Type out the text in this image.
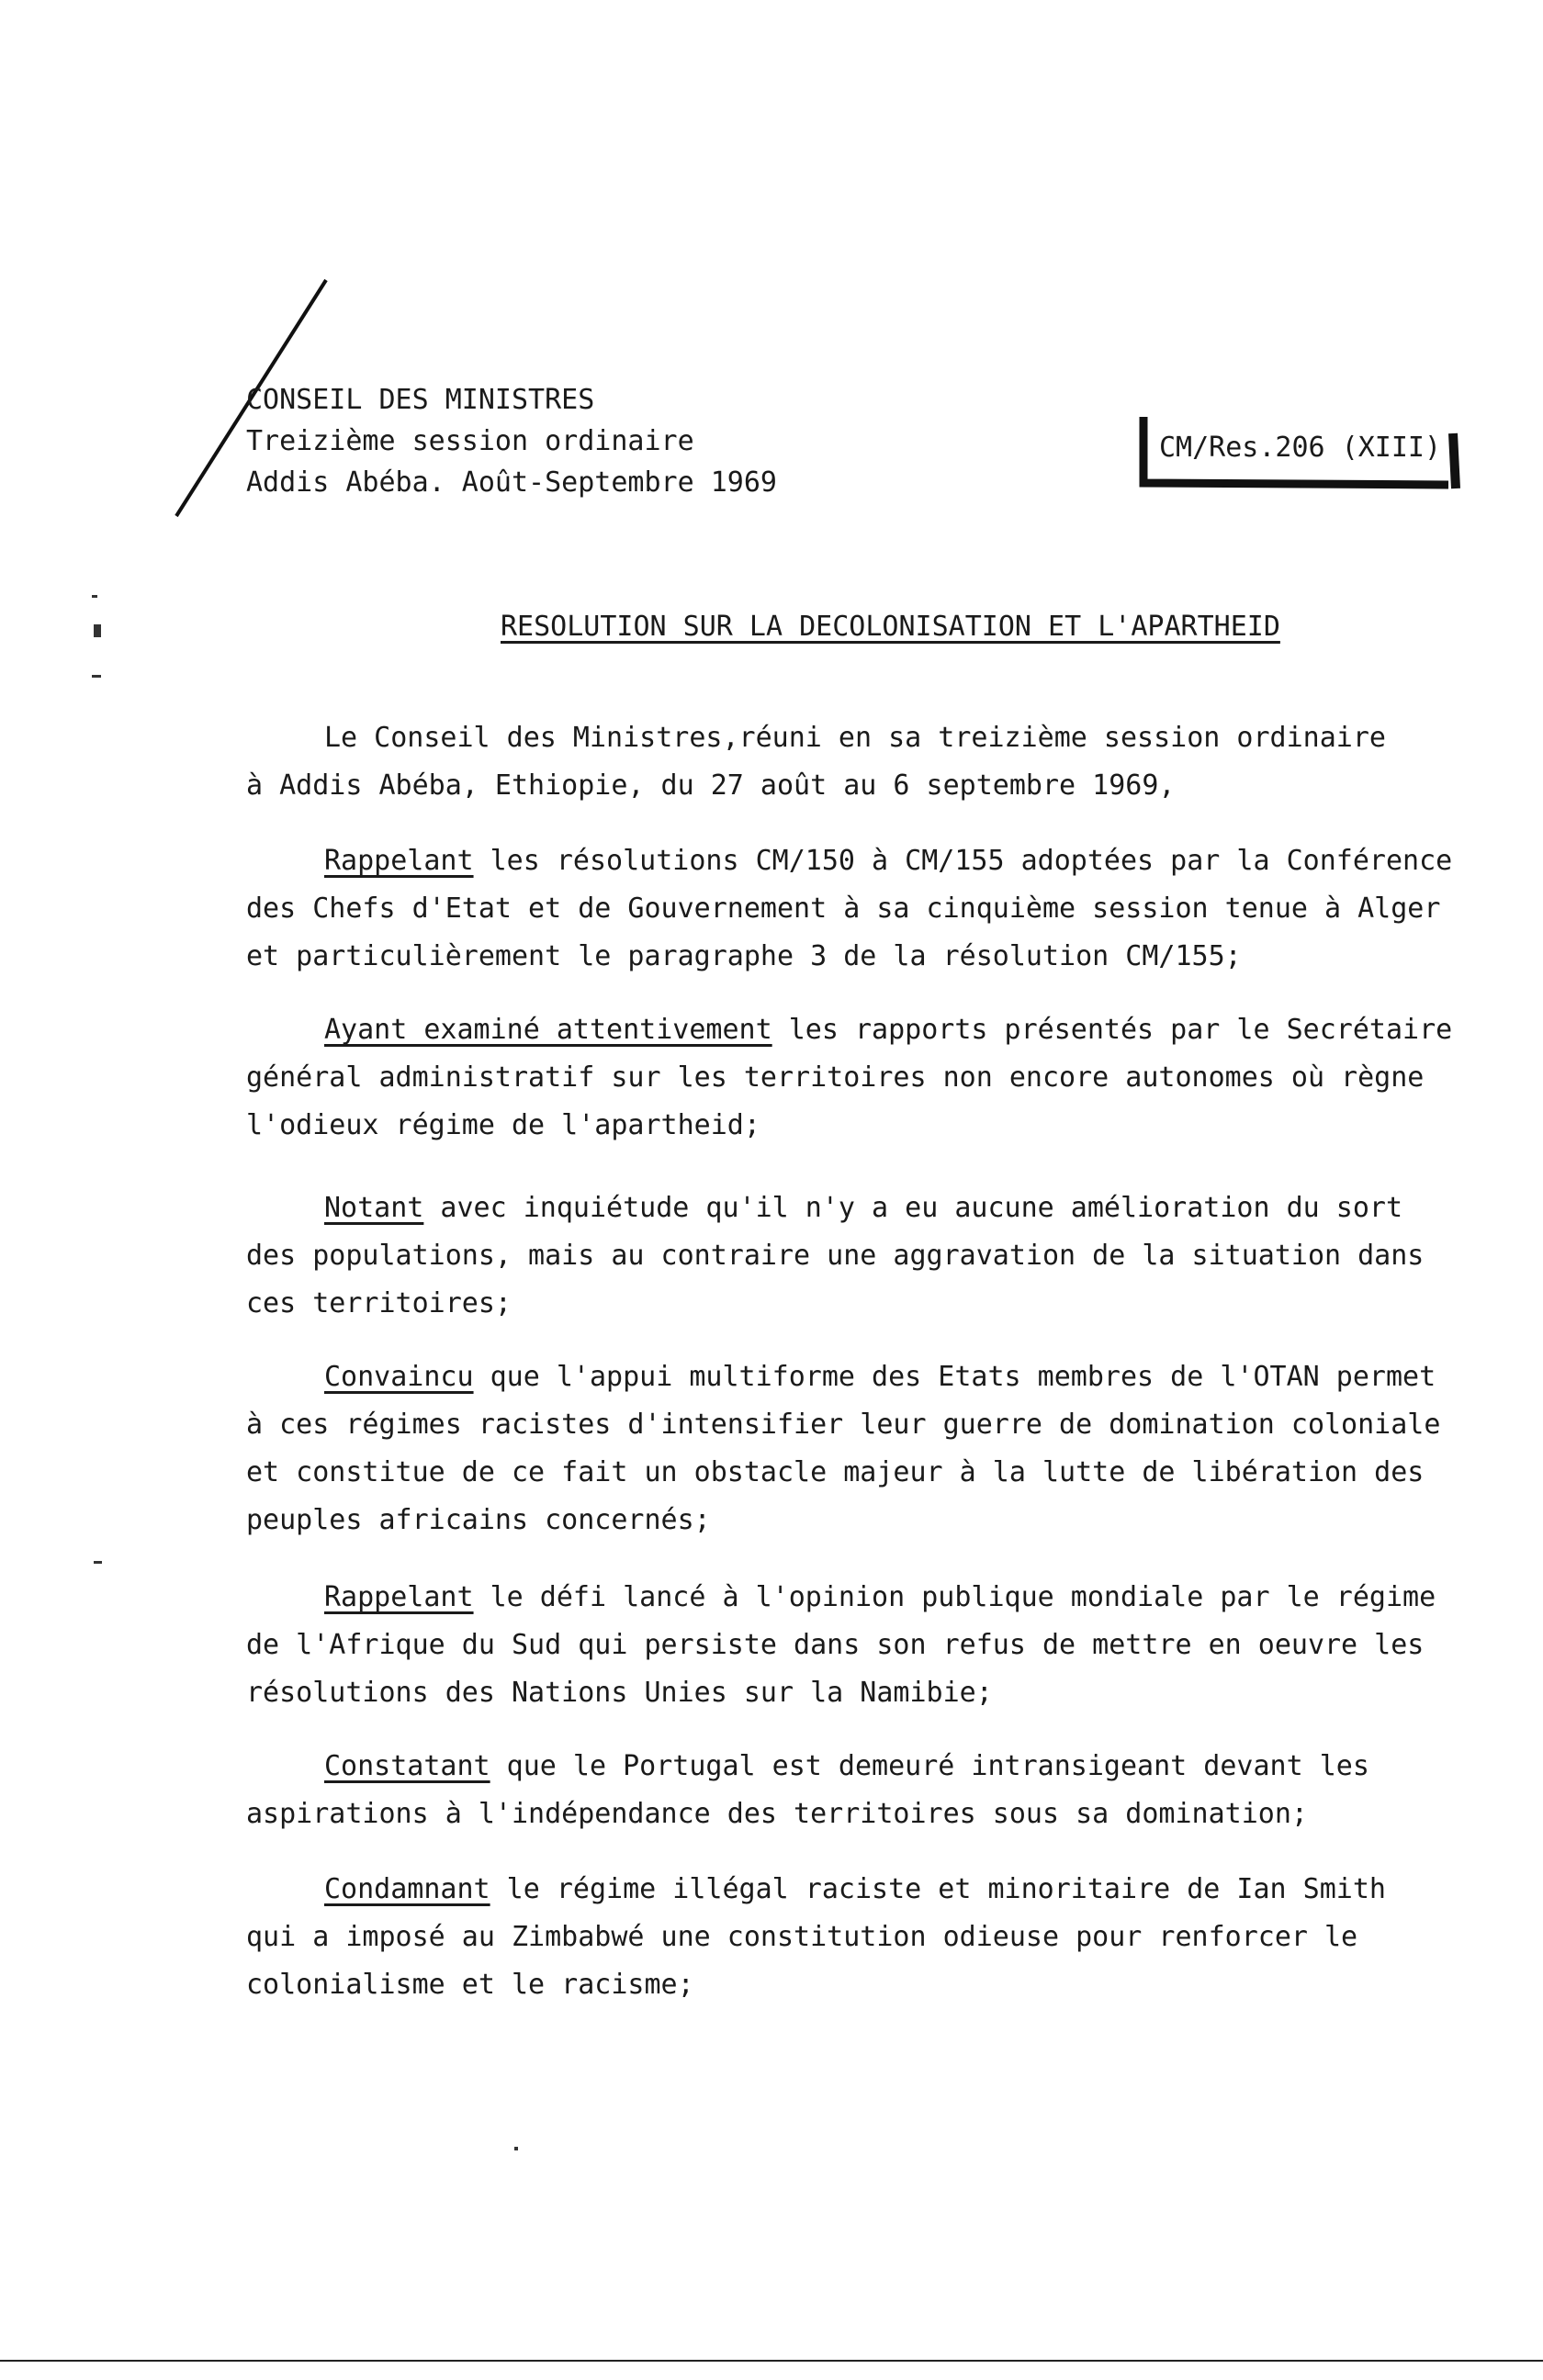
CONSEIL DES MINISTRES
Treizième session ordinaire
Addis Abéba. Août-Septembre 1969
CM/Res.206 (XIII)
RESOLUTION SUR LA DECOLONISATION ET L'APARTHEID
Le Conseil des Ministres,réuni en sa treizième session ordinaire
à Addis Abéba, Ethiopie, du 27 août au 6 septembre 1969,
Rappelant les résolutions CM/150 à CM/155 adoptées par la Conférence
des Chefs d'Etat et de Gouvernement à sa cinquième session tenue à Alger
et particulièrement le paragraphe 3 de la résolution CM/155;
Ayant examiné attentivement les rapports présentés par le Secrétaire
général administratif sur les territoires non encore autonomes où règne
l'odieux régime de l'apartheid;
Notant avec inquiétude qu'il n'y a eu aucune amélioration du sort
des populations, mais au contraire une aggravation de la situation dans
ces territoires;
Convaincu que l'appui multiforme des Etats membres de l'OTAN permet
à ces régimes racistes d'intensifier leur guerre de domination coloniale
et constitue de ce fait un obstacle majeur à la lutte de libération des
peuples africains concernés;
Rappelant le défi lancé à l'opinion publique mondiale par le régime
de l'Afrique du Sud qui persiste dans son refus de mettre en oeuvre les
résolutions des Nations Unies sur la Namibie;
Constatant que le Portugal est demeuré intransigeant devant les
aspirations à l'indépendance des territoires sous sa domination;
Condamnant le régime illégal raciste et minoritaire de Ian Smith
qui a imposé au Zimbabwé une constitution odieuse pour renforcer le
colonialisme et le racisme;
